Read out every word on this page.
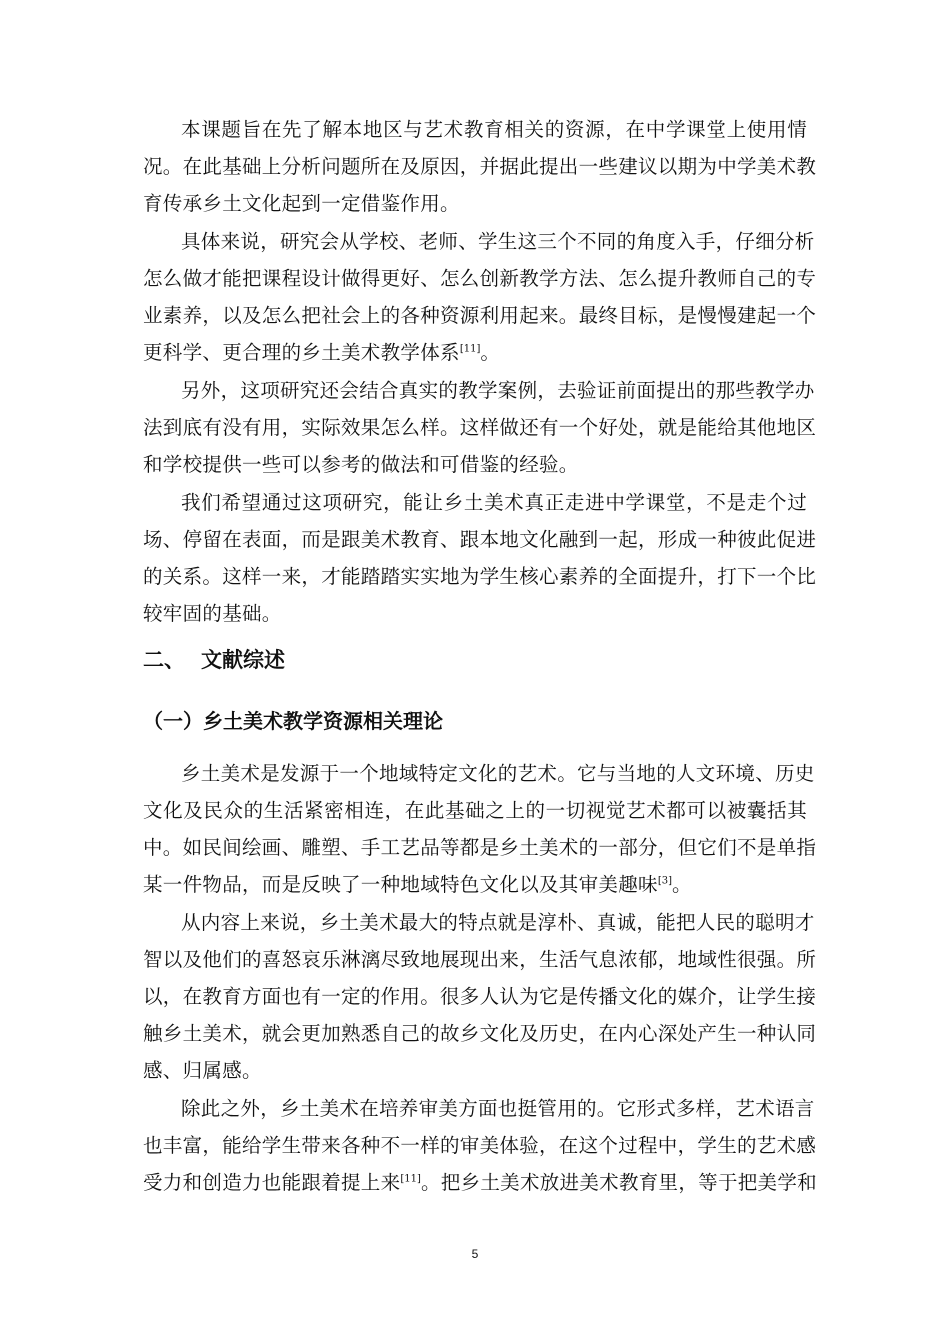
本课题旨在先了解本地区与艺术教育相关的资源，在中学课堂上使用情
况。在此基础上分析问题所在及原因，并据此提出一些建议以期为中学美术教
育传承乡土文化起到一定借鉴作用。
具体来说，研究会从学校、老师、学生这三个不同的角度入手，仔细分析
怎么做才能把课程设计做得更好、怎么创新教学方法、怎么提升教师自己的专
业素养，以及怎么把社会上的各种资源利用起来。最终目标，是慢慢建起一个
更科学、更合理的乡土美术教学体系[11]。
另外，这项研究还会结合真实的教学案例，去验证前面提出的那些教学办
法到底有没有用，实际效果怎么样。这样做还有一个好处，就是能给其他地区
和学校提供一些可以参考的做法和可借鉴的经验。
我们希望通过这项研究，能让乡土美术真正走进中学课堂，不是走个过
场、停留在表面，而是跟美术教育、跟本地文化融到一起，形成一种彼此促进
的关系。这样一来，才能踏踏实实地为学生核心素养的全面提升，打下一个比
较牢固的基础。
二、 文献综述
（一）乡土美术教学资源相关理论
乡土美术是发源于一个地域特定文化的艺术。它与当地的人文环境、历史
文化及民众的生活紧密相连，在此基础之上的一切视觉艺术都可以被囊括其
中。如民间绘画、雕塑、手工艺品等都是乡土美术的一部分，但它们不是单指
某一件物品，而是反映了一种地域特色文化以及其审美趣味[3]。
从内容上来说，乡土美术最大的特点就是淳朴、真诚，能把人民的聪明才
智以及他们的喜怒哀乐淋漓尽致地展现出来，生活气息浓郁，地域性很强。所
以，在教育方面也有一定的作用。很多人认为它是传播文化的媒介，让学生接
触乡土美术，就会更加熟悉自己的故乡文化及历史，在内心深处产生一种认同
感、归属感。
除此之外，乡土美术在培养审美方面也挺管用的。它形式多样，艺术语言
也丰富，能给学生带来各种不一样的审美体验，在这个过程中，学生的艺术感
受力和创造力也能跟着提上来[11]。把乡土美术放进美术教育里，等于把美学和
5
